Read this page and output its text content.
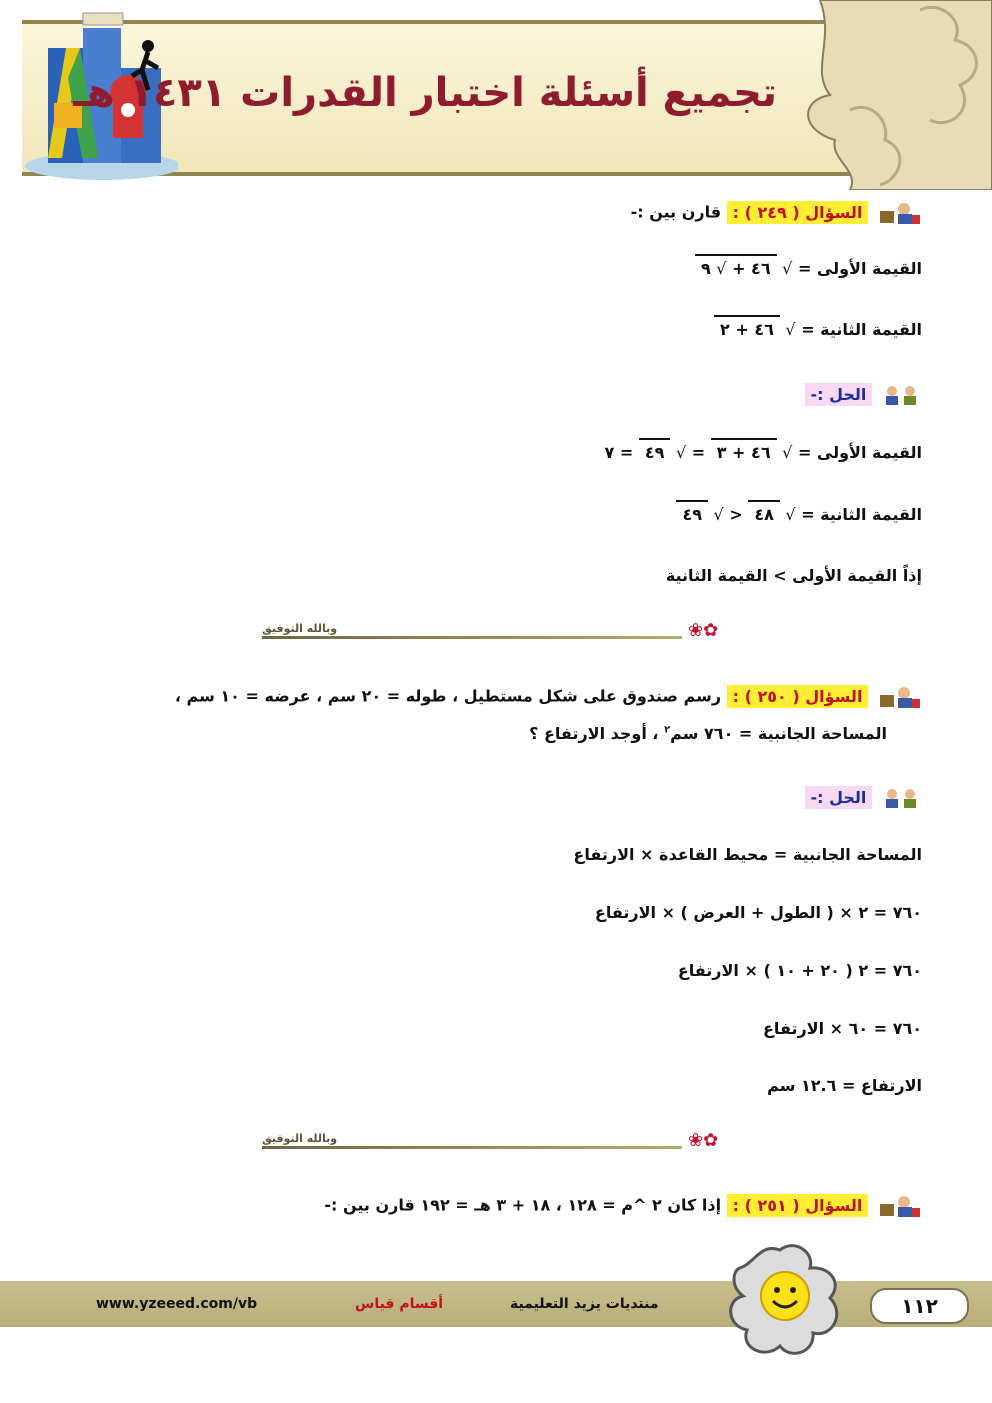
تجميع أسئلة اختبار القدرات ١٤٣١ هـ
السؤال ( ٢٤٩ ) : قارن بين :-
القيمة الأولى = √ ٤٦ + √ ٩
القيمة الثانية = √ ٤٦ + ٢
الحل :-
القيمة الأولى = √ ٤٦ + ٣ = √ ٤٩ = ٧
القيمة الثانية = √ ٤٨ < √ ٤٩
إذاً القيمة الأولى > القيمة الثانية
وبالله التوفيق	✿❀
السؤال ( ٢٥٠ ) : رسم صندوق على شكل مستطيل ، طوله = ٢٠ سم ، عرضه = ١٠ سم ،
المساحة الجانبية = ٧٦٠ سم$^٢$ ، أوجد الارتفاع ؟
الحل :-
المساحة الجانبية = محيط القاعدة × الارتفاع
٧٦٠ = ٢ × ( الطول + العرض ) × الارتفاع
٧٦٠ = ٢ ( ٢٠ + ١٠ ) × الارتفاع
٧٦٠ = ٦٠ × الارتفاع
الارتفاع = ١٢.٦ سم
وبالله التوفيق	✿❀
السؤال ( ٢٥١ ) : إذا كان ٢ ^م = ١٢٨ ، ١٨ + ٣ هـ = ١٩٢ قارن بين :-
www.yzeeed.com/vb	أقسام قياس	منتديات يزيد التعليمية	١١٢
